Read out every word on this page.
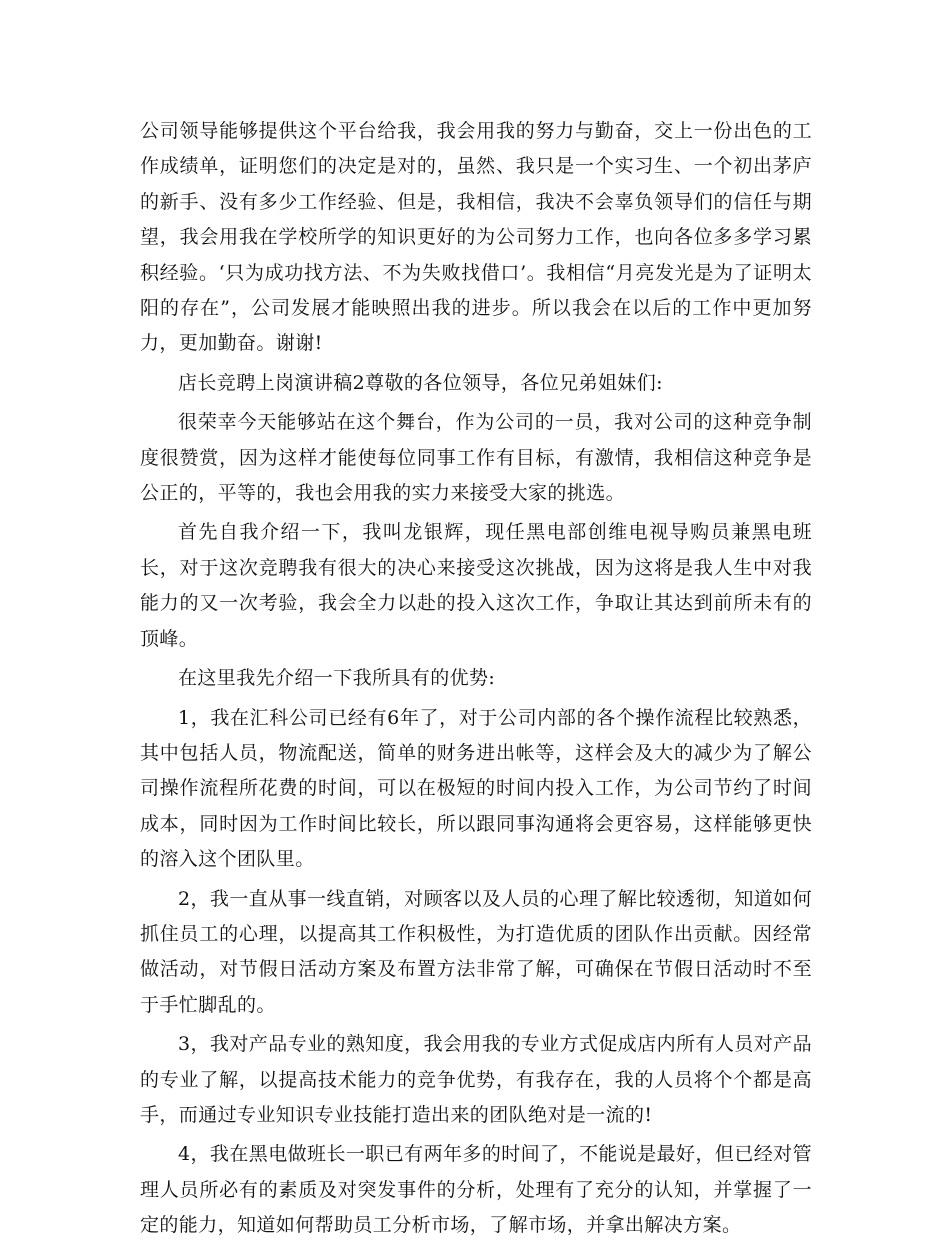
公司领导能够提供这个平台给我，我会用我的努力与勤奋，交上一份出色的工作成绩单，证明您们的决定是对的，虽然、我只是一个实习生、一个初出茅庐的新手、没有多少工作经验、但是，我相信，我决不会辜负领导们的信任与期望，我会用我在学校所学的知识更好的为公司努力工作，也向各位多多学习累积经验。‘只为成功找方法、不为失败找借口’。我相信“月亮发光是为了证明太阳的存在”，公司发展才能映照出我的进步。所以我会在以后的工作中更加努力，更加勤奋。谢谢!

店长竞聘上岗演讲稿2尊敬的各位领导，各位兄弟姐妹们:

很荣幸今天能够站在这个舞台，作为公司的一员，我对公司的这种竞争制度很赞赏，因为这样才能使每位同事工作有目标，有激情，我相信这种竞争是公正的，平等的，我也会用我的实力来接受大家的挑选。

首先自我介绍一下，我叫龙银辉，现任黑电部创维电视导购员兼黑电班长，对于这次竞聘我有很大的决心来接受这次挑战，因为这将是我人生中对我能力的又一次考验，我会全力以赴的投入这次工作，争取让其达到前所未有的顶峰。

在这里我先介绍一下我所具有的优势:

1，我在汇科公司已经有6年了，对于公司内部的各个操作流程比较熟悉，其中包括人员，物流配送，简单的财务进出帐等，这样会及大的减少为了解公司操作流程所花费的时间，可以在极短的时间内投入工作，为公司节约了时间成本，同时因为工作时间比较长，所以跟同事沟通将会更容易，这样能够更快的溶入这个团队里。

2，我一直从事一线直销，对顾客以及人员的心理了解比较透彻，知道如何抓住员工的心理，以提高其工作积极性，为打造优质的团队作出贡献。因经常做活动，对节假日活动方案及布置方法非常了解，可确保在节假日活动时不至于手忙脚乱的。

3，我对产品专业的熟知度，我会用我的专业方式促成店内所有人员对产品的专业了解，以提高技术能力的竞争优势，有我存在，我的人员将个个都是高手，而通过专业知识专业技能打造出来的团队绝对是一流的!

4，我在黑电做班长一职已有两年多的时间了，不能说是最好，但已经对管理人员所必有的素质及对突发事件的分析，处理有了充分的认知，并掌握了一定的能力，知道如何帮助员工分析市场，了解市场，并拿出解决方案。
